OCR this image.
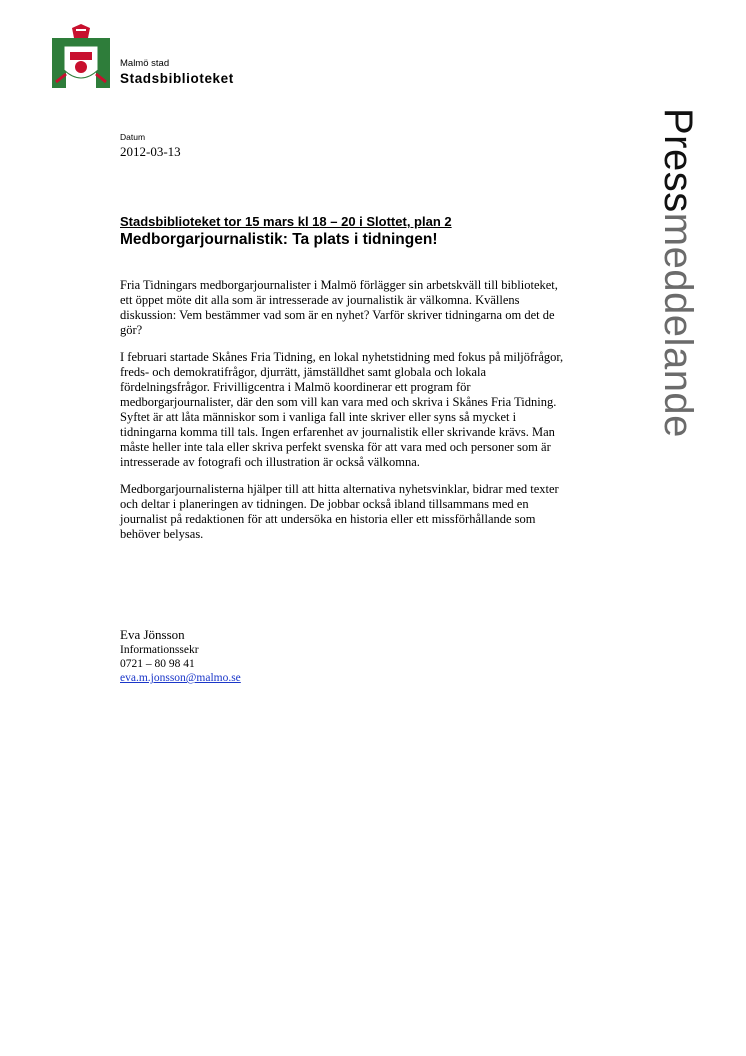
Malmö stad
Stadsbiblioteket
Datum
2012-03-13	Pressmeddelande
Stadsbiblioteket tor 15 mars kl 18 – 20 i Slottet, plan 2
Medborgarjournalistik: Ta plats i tidningen!

Fria Tidningars medborgarjournalister i Malmö förlägger sin arbetskväll till biblioteket, ett öppet möte dit alla som är intresserade av journalistik är välkomna. Kvällens diskussion: Vem bestämmer vad som är en nyhet? Varför skriver tidningarna om det de gör?

I februari startade Skånes Fria Tidning, en lokal nyhetstidning med fokus på miljöfrågor, freds- och demokratifrågor, djurrätt, jämställdhet samt globala och lokala fördelningsfrågor. Frivilligcentra i Malmö koordinerar ett program för medborgarjournalister, där den som vill kan vara med och skriva i Skånes Fria Tidning. Syftet är att låta människor som i vanliga fall inte skriver eller syns så mycket i tidningarna komma till tals. Ingen erfarenhet av journalistik eller skrivande krävs. Man måste heller inte tala eller skriva perfekt svenska för att vara med och personer som är intresserade av fotografi och illustration är också välkomna.

Medborgarjournalisterna hjälper till att hitta alternativa nyhetsvinklar, bidrar med texter och deltar i planeringen av tidningen. De jobbar också ibland tillsammans med en journalist på redaktionen för att undersöka en historia eller ett missförhållande som behöver belysas.

Eva Jönsson
Informationssekr
0721 – 80 98 41
eva.m.jonsson@malmo.se
